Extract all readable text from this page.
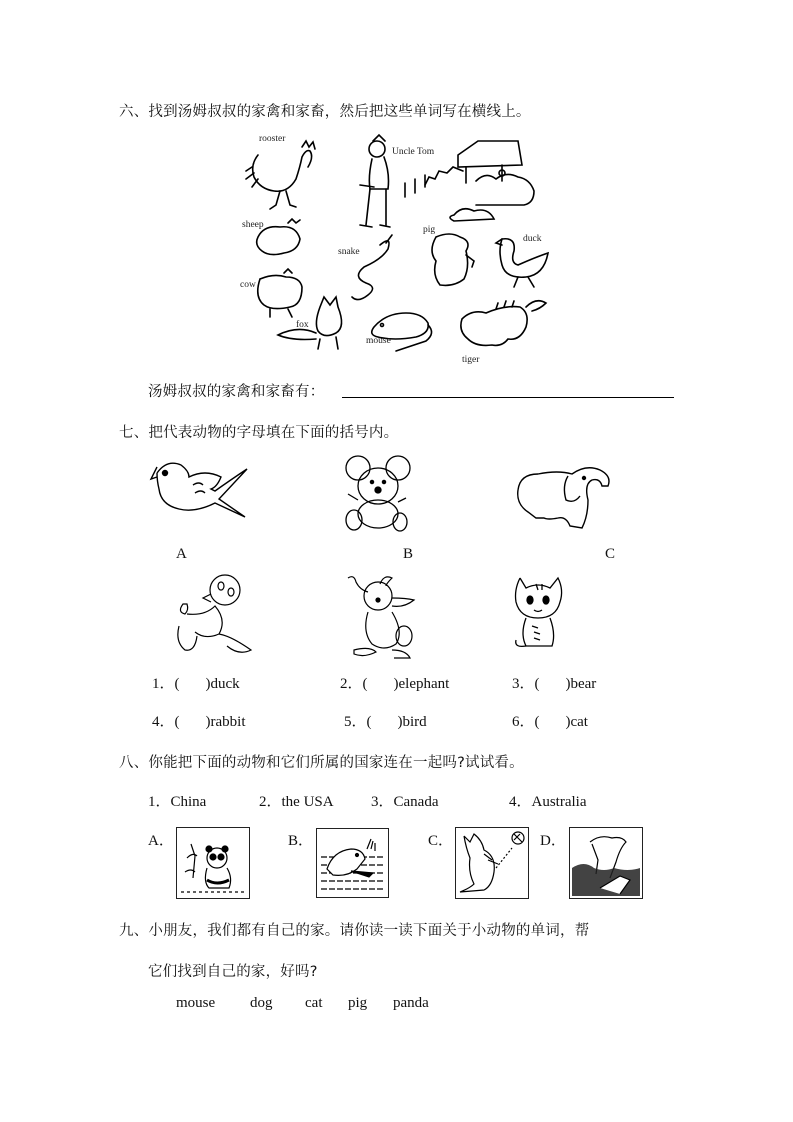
六、找到汤姆叔叔的家禽和家畜，然后把这些单词写在横线上。
rooster
Uncle Tom
sheep
snake
pig
duck
cow
fox
mouse
tiger
汤姆叔叔的家禽和家畜有：
七、把代表动物的字母填在下面的括号内。
A	B	C
1．( )duck	2．( )elephant	3．( )bear
4．( )rabbit	5．( )bird	6．( )cat
八、你能把下面的动物和它们所属的国家连在一起吗?试试看。
1．China	2．the USA 3．Canada	4．Australia
A．	B．	C．	D．
九、小朋友，我们都有自己的家。请你读一读下面关于小动物的单词，帮
它们找到自己的家，好吗?
mouse dog cat pig panda
